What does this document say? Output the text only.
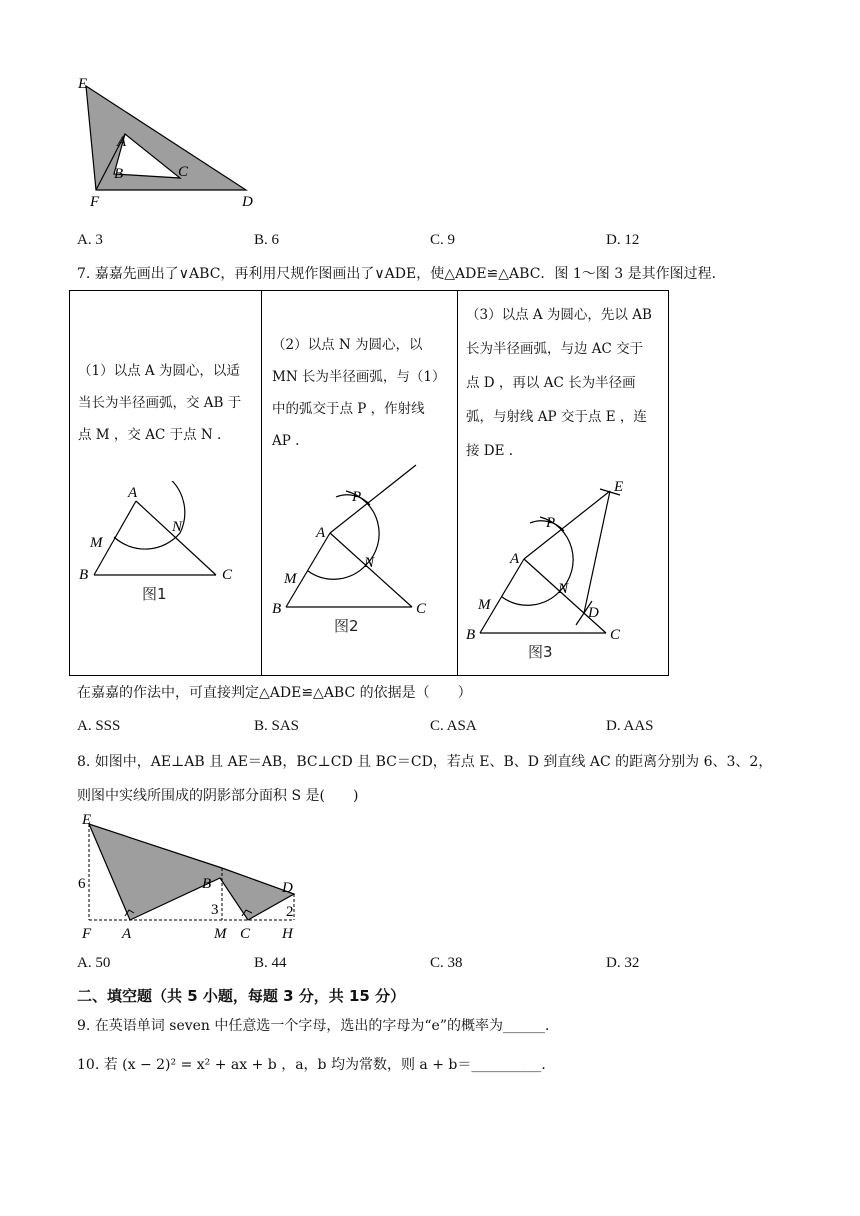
E
A
C
B
F	D
A. 3	B. 6	C. 9	D. 12
7. 嘉嘉先画出了∨ABC，再利用尺规作图画出了∨ADE，使△ADE≌△ABC．图 1～图 3 是其作图过程．
（1）以点 A 为圆心，以适
当长为半径画弧，交 AB 于
点 M ，交 AC 于点 N .
A
M
N
B	C
图1
（2）以点 N 为圆心，以
MN 长为半径画弧，与（1）
中的弧交于点 P ，作射线
AP .
A
P
N
M
B	C
图2
（3）以点 A 为圆心，先以 AB
长为半径画弧，与边 AC 交于
点 D ，再以 AC 长为半径画
弧，与射线 AP 交于点 E ，连
接 DE .
A
P
N
E
M	D
B	C
图3
在嘉嘉的作法中，可直接判定△ADE≌△ABC 的依据是（　　）
A. SSS	B. SAS	C. ASA	D. AAS
8. 如图中，AE⊥AB 且 AE＝AB，BC⊥CD 且 BC＝CD，若点 E、B、D 到直线 AC 的距离分别为 6、3、2，
则图中实线所围成的阴影部分面积 S 是(　　)
E
B	D
6
3	2
F A	M C H
A. 50	B. 44	C. 38	D. 32
二、填空题（共 5 小题，每题 3 分，共 15 分）
9. 在英语单词 seven 中任意选一个字母，选出的字母为“e”的概率为______．
10. 若 (x − 2)² = x² + ax + b ，a，b 均为常数，则 a + b＝__________．
